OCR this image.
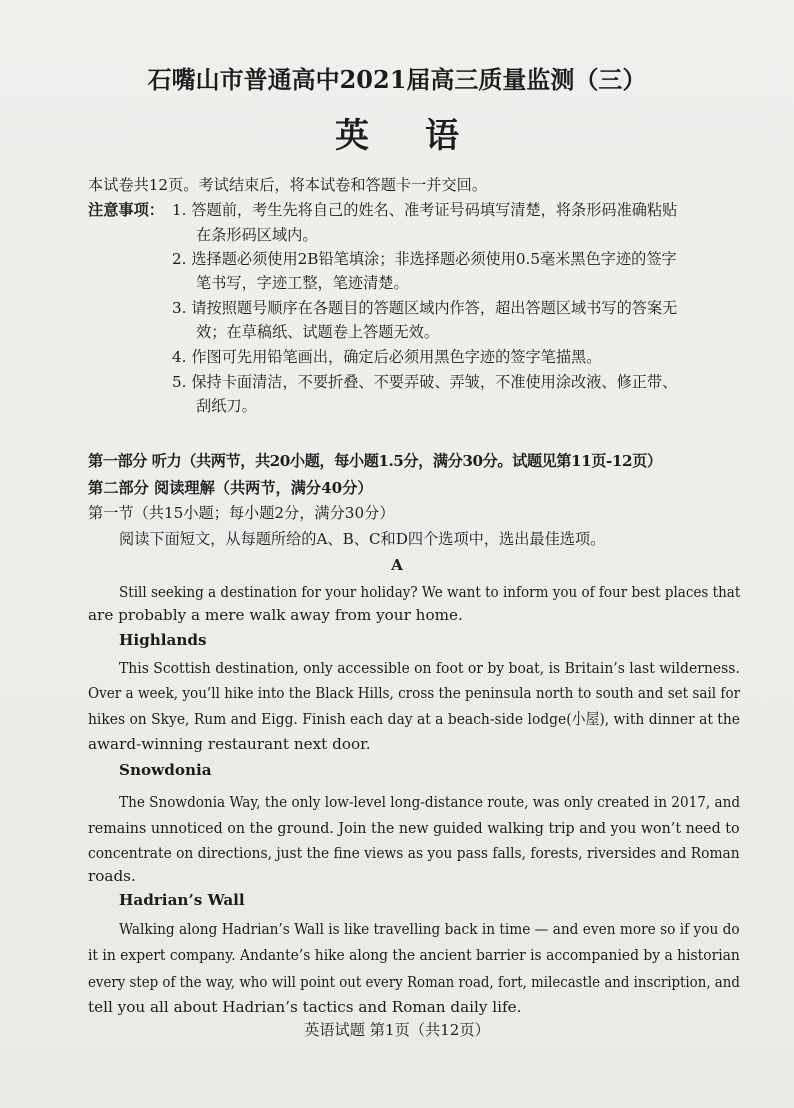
石嘴山市普通高中2021届高三质量监测（三）
英语
本试卷共12页。考试结束后，将本试卷和答题卡一并交回。
注意事项： 1. 答题前，考生先将自己的姓名、准考证号码填写清楚，将条形码准确粘贴
在条形码区域内。
2. 选择题必须使用2B铅笔填涂；非选择题必须使用0.5毫米黑色字迹的签字
笔书写，字迹工整，笔迹清楚。
3. 请按照题号顺序在各题目的答题区域内作答，超出答题区域书写的答案无
效；在草稿纸、试题卷上答题无效。
4. 作图可先用铅笔画出，确定后必须用黑色字迹的签字笔描黑。
5. 保持卡面清洁，不要折叠、不要弄破、弄皱，不准使用涂改液、修正带、
刮纸刀。
第一部分 听力（共两节，共20小题，每小题1.5分，满分30分。试题见第11页-12页）
第二部分 阅读理解（共两节，满分40分）
第一节（共15小题；每小题2分，满分30分）
阅读下面短文，从每题所给的A、B、C和D四个选项中，选出最佳选项。
A
Still seeking a destination for your holiday? We want to inform you of four best places that
are probably a mere walk away from your home.
Highlands
This Scottish destination, only accessible on foot or by boat, is Britain’s last wilderness.
Over a week, you’ll hike into the Black Hills, cross the peninsula north to south and set sail for
hikes on Skye, Rum and Eigg. Finish each day at a beach-side lodge(小屋), with dinner at the
award-winning restaurant next door.
Snowdonia
The Snowdonia Way, the only low-level long-distance route, was only created in 2017, and
remains unnoticed on the ground. Join the new guided walking trip and you won’t need to
concentrate on directions, just the fine views as you pass falls, forests, riversides and Roman
roads.
Hadrian’s Wall
Walking along Hadrian’s Wall is like travelling back in time — and even more so if you do
it in expert company. Andante’s hike along the ancient barrier is accompanied by a historian
every step of the way, who will point out every Roman road, fort, milecastle and inscription, and
tell you all about Hadrian’s tactics and Roman daily life.
英语试题 第1页（共12页）
